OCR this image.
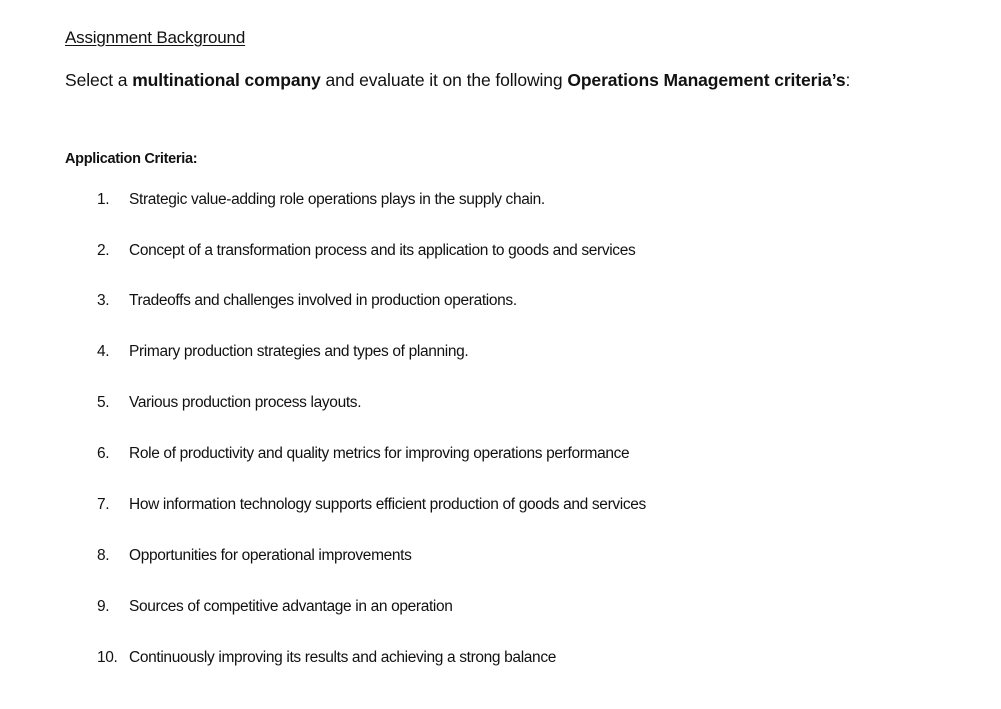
Assignment Background
Select a multinational company and evaluate it on the following Operations Management criteria’s:
Application Criteria:
1. Strategic value-adding role operations plays in the supply chain.
2. Concept of a transformation process and its application to goods and services
3. Tradeoffs and challenges involved in production operations.
4. Primary production strategies and types of planning.
5. Various production process layouts.
6. Role of productivity and quality metrics for improving operations performance
7. How information technology supports efficient production of goods and services
8. Opportunities for operational improvements
9. Sources of competitive advantage in an operation
10. Continuously improving its results and achieving a strong balance
